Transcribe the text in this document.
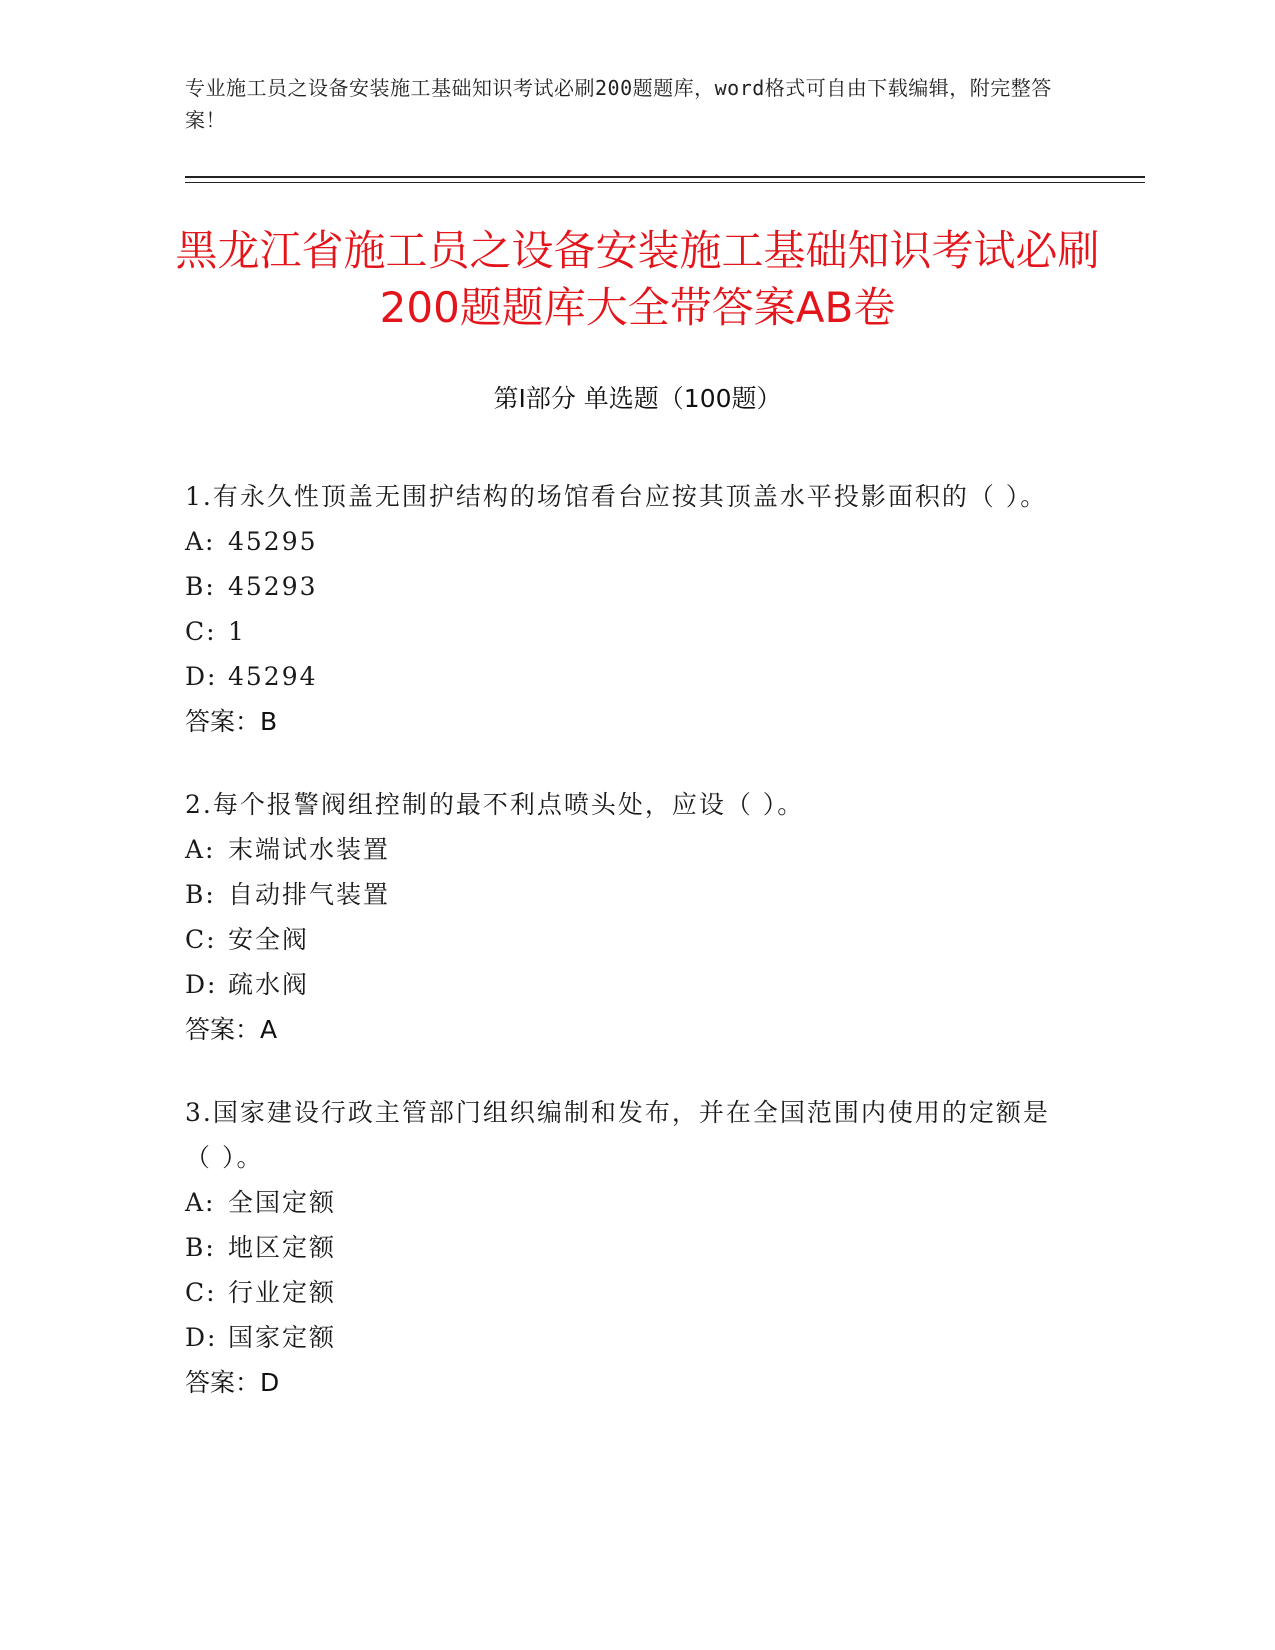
专业施工员之设备安装施工基础知识考试必刷200题题库，word格式可自由下载编辑，附完整答案！
黑龙江省施工员之设备安装施工基础知识考试必刷200题题库大全带答案AB卷
第Ⅰ部分 单选题（100题）
1.有永久性顶盖无围护结构的场馆看台应按其顶盖水平投影面积的（ ）。
A: 45295
B: 45293
C: 1
D: 45294
答案：B
2.每个报警阀组控制的最不利点喷头处，应设（ ）。
A: 末端试水装置
B: 自动排气装置
C: 安全阀
D: 疏水阀
答案：A
3.国家建设行政主管部门组织编制和发布，并在全国范围内使用的定额是（ ）。
A: 全国定额
B: 地区定额
C: 行业定额
D: 国家定额
答案：D
